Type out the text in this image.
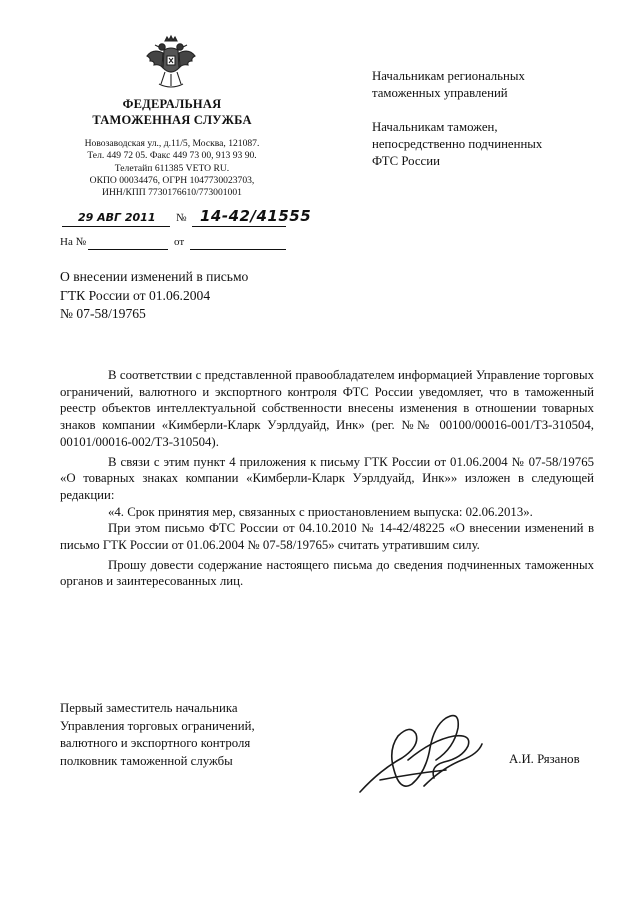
ФЕДЕРАЛЬНАЯ
ТАМОЖЕННАЯ СЛУЖБА
Новозаводская ул., д.11/5, Москва, 121087.
Тел. 449 72 05. Факс 449 73 00, 913 93 90.
Телетайп 611385 VETO RU.
ОКПО 00034476, ОГРН 1047730023703,
ИНН/КПП 7730176610/773001001
29 АВГ 2011 № 14-42/41555
На №	от
Начальникам региональных
таможенных управлений
Начальникам таможен,
непосредственно подчиненных
ФТС России
О внесении изменений в письмо
ГТК России от 01.06.2004
№ 07-58/19765

В соответствии с представленной правообладателем информацией Управление торговых ограничений, валютного и экспортного контроля ФТС России уведомляет, что в таможенный реестр объектов интеллектуальной собственности внесены изменения в отношении товарных знаков компании «Кимберли-Кларк Уэрлдуайд, Инк» (рег. №№ 00100/00016-001/ТЗ-310504, 00101/00016-002/ТЗ-310504).

В связи с этим пункт 4 приложения к письму ГТК России от 01.06.2004 № 07-58/19765 «О товарных знаках компании «Кимберли-Кларк Уэрлдуайд, Инк»» изложен в следующей редакции:

«4. Срок принятия мер, связанных с приостановлением выпуска: 02.06.2013».

При этом письмо ФТС России от 04.10.2010 № 14-42/48225 «О внесении изменений в письмо ГТК России от 01.06.2004 № 07-58/19765» считать утратившим силу.

Прошу довести содержание настоящего письма до сведения подчиненных таможенных органов и заинтересованных лиц.

Первый заместитель начальника
Управления торговых ограничений,
валютного и экспортного контроля
полковник таможенной службы	А.И. Рязанов
